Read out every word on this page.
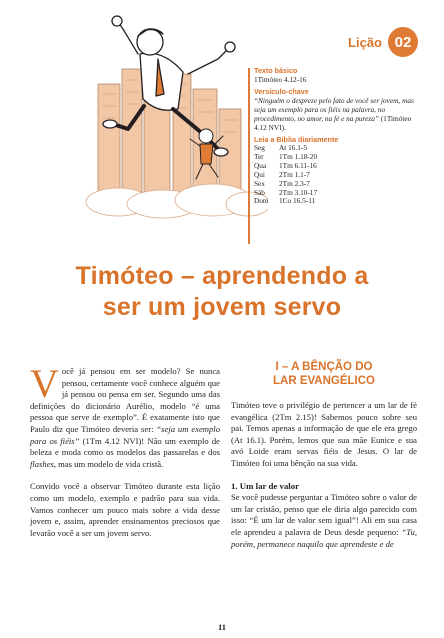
Lição 02
Texto básico
1Timóteo 4.12-16
Versículo-chave
“Ninguém o despreze pelo fato de você ser jovem, mas seja um exemplo para os fiéis na palavra, no procedimento, no amor, na fé e na pureza” (1Timóteo 4.12 NVI).
Leia a Bíblia diariamente
Seg	At 16.1-5
Ter	1Tm 1.18-20
Qua	1Tm 6.11-16
Qui	2Tm 1.1-7
Sex	2Tm 2.3-7
Sáb	2Tm 3.10-17
Dom	1Co 16.5-11
Timóteo – aprendendo a
ser um jovem servo

Você já pensou em ser modelo? Se nunca pensou, certamente você conhece alguém que já pensou ou pensa em ser. Segundo uma das definições do dicionário Aurélio, modelo “é uma pessoa que serve de exemplo”. É exatamente isto que Paulo diz que Timóteo deveria ser: “seja um exemplo para os fiéis” (1Tm 4.12 NVI)! Não um exemplo de beleza e moda como os modelos das passarelas e dos flashes, mas um modelo de vida cristã.

Convido você a observar Timóteo durante esta lição como um modelo, exemplo e padrão para sua vida. Vamos conhecer um pouco mais sobre a vida desse jovem e, assim, aprender ensinamentos preciosos que levarão você a ser um jovem servo.

I – A BÊNÇÃO DO
LAR EVANGÉLICO

Timóteo teve o privilégio de pertencer a um lar de fé evangélica (2Tm 2.15)! Sabemos pouco sobre seu pai. Temos apenas a informação de que ele era grego (At 16.1). Porém, lemos que sua mãe Eunice e sua avó Loide eram servas fiéis de Jesus. O lar de Timóteo foi uma bênção na sua vida.

1. Um lar de valor

Se você pudesse perguntar a Timóteo sobre o valor de um lar cristão, penso que ele diria algo parecido com isso: “É um lar de valor sem igual”! Ali em sua casa ele aprendeu a palavra de Deus desde pequeno: “Tu, porém, permanece naquilo que aprendeste e de

11
